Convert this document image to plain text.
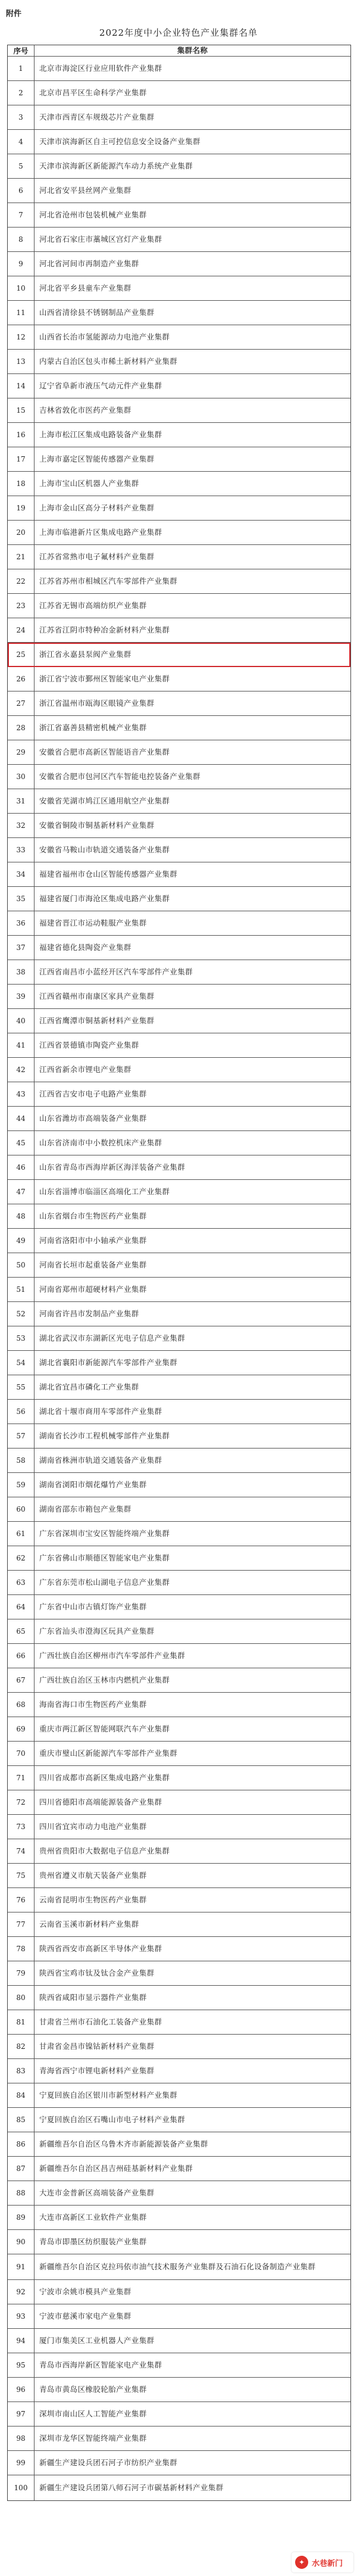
附件
2022年度中小企业特色产业集群名单
序号	集群名称
1	北京市海淀区行业应用软件产业集群
2	北京市昌平区生命科学产业集群
3	天津市西青区车规级芯片产业集群
4	天津市滨海新区自主可控信息安全设备产业集群
5	天津市滨海新区新能源汽车动力系统产业集群
6	河北省安平县丝网产业集群
7	河北省沧州市包装机械产业集群
8	河北省石家庄市藁城区宫灯产业集群
9	河北省河间市再制造产业集群
10	河北省平乡县童车产业集群
11	山西省清徐县不锈钢制品产业集群
12	山西省长治市氢能源动力电池产业集群
13	内蒙古自治区包头市稀土新材料产业集群
14	辽宁省阜新市液压气动元件产业集群
15	吉林省敦化市医药产业集群
16	上海市松江区集成电路装备产业集群
17	上海市嘉定区智能传感器产业集群
18	上海市宝山区机器人产业集群
19	上海市金山区高分子材料产业集群
20	上海市临港新片区集成电路产业集群
21	江苏省常熟市电子氟材料产业集群
22	江苏省苏州市相城区汽车零部件产业集群
23	江苏省无锡市高端纺织产业集群
24	江苏省江阴市特种冶金新材料产业集群
25	浙江省永嘉县泵阀产业集群
26	浙江省宁波市鄞州区智能家电产业集群
27	浙江省温州市瓯海区眼镜产业集群
28	浙江省嘉善县精密机械产业集群
29	安徽省合肥市高新区智能语音产业集群
30	安徽省合肥市包河区汽车智能电控装备产业集群
31	安徽省芜湖市鸠江区通用航空产业集群
32	安徽省铜陵市铜基新材料产业集群
33	安徽省马鞍山市轨道交通装备产业集群
34	福建省福州市仓山区智能传感器产业集群
35	福建省厦门市海沧区集成电路产业集群
36	福建省晋江市运动鞋服产业集群
37	福建省德化县陶瓷产业集群
38	江西省南昌市小蓝经开区汽车零部件产业集群
39	江西省赣州市南康区家具产业集群
40	江西省鹰潭市铜基新材料产业集群
41	江西省景德镇市陶瓷产业集群
42	江西省新余市锂电产业集群
43	江西省吉安市电子电路产业集群
44	山东省潍坊市高端装备产业集群
45	山东省济南市中小数控机床产业集群
46	山东省青岛市西海岸新区海洋装备产业集群
47	山东省淄博市临淄区高端化工产业集群
48	山东省烟台市生物医药产业集群
49	河南省洛阳市中小轴承产业集群
50	河南省长垣市起重装备产业集群
51	河南省郑州市超硬材料产业集群
52	河南省许昌市发制品产业集群
53	湖北省武汉市东湖新区光电子信息产业集群
54	湖北省襄阳市新能源汽车零部件产业集群
55	湖北省宜昌市磷化工产业集群
56	湖北省十堰市商用车零部件产业集群
57	湖南省长沙市工程机械零部件产业集群
58	湖南省株洲市轨道交通装备产业集群
59	湖南省浏阳市烟花爆竹产业集群
60	湖南省邵东市箱包产业集群
61	广东省深圳市宝安区智能终端产业集群
62	广东省佛山市顺德区智能家电产业集群
63	广东省东莞市松山湖电子信息产业集群
64	广东省中山市古镇灯饰产业集群
65	广东省汕头市澄海区玩具产业集群
66	广西壮族自治区柳州市汽车零部件产业集群
67	广西壮族自治区玉林市内燃机产业集群
68	海南省海口市生物医药产业集群
69	重庆市两江新区智能网联汽车产业集群
70	重庆市璧山区新能源汽车零部件产业集群
71	四川省成都市高新区集成电路产业集群
72	四川省德阳市高端能源装备产业集群
73	四川省宜宾市动力电池产业集群
74	贵州省贵阳市大数据电子信息产业集群
75	贵州省遵义市航天装备产业集群
76	云南省昆明市生物医药产业集群
77	云南省玉溪市新材料产业集群
78	陕西省西安市高新区半导体产业集群
79	陕西省宝鸡市钛及钛合金产业集群
80	陕西省咸阳市显示器件产业集群
81	甘肃省兰州市石油化工装备产业集群
82	甘肃省金昌市镍钴新材料产业集群
83	青海省西宁市锂电新材料产业集群
84	宁夏回族自治区银川市新型材料产业集群
85	宁夏回族自治区石嘴山市电子材料产业集群
86	新疆维吾尔自治区乌鲁木齐市新能源装备产业集群
87	新疆维吾尔自治区昌吉州硅基新材料产业集群
88	大连市金普新区高端装备产业集群
89	大连市高新区工业软件产业集群
90	青岛市即墨区纺织服装产业集群
91	新疆维吾尔自治区克拉玛依市油气技术服务产业集群及石油石化设备制造产业集群
92	宁波市余姚市模具产业集群
93	宁波市慈溪市家电产业集群
94	厦门市集美区工业机器人产业集群
95	青岛市西海岸新区智能家电产业集群
96	青岛市黄岛区橡胶轮胎产业集群
97	深圳市南山区人工智能产业集群
98	深圳市龙华区智能终端产业集群
99	新疆生产建设兵团石河子市纺织产业集群
100	新疆生产建设兵团第八师石河子市碳基新材料产业集群
✦ 水巷新门
